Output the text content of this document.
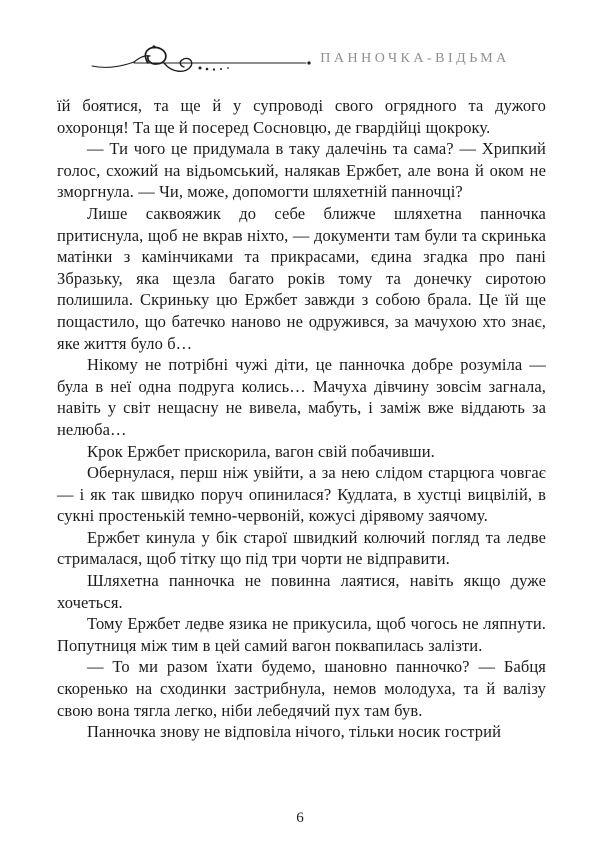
ПАННОЧКА-ВІДЬМА

їй боятися, та ще й у супроводі свого огрядного та дужого охоронця! Та ще й посеред Сосновцю, де гвардійці щокроку.

— Ти чого це придумала в таку далечінь та сама? — Хрипкий голос, схожий на відьомський, налякав Ержбет, але вона й оком не зморгнула. — Чи, може, допомогти шляхетній панночці?

Лише саквояжик до себе ближче шляхетна панночка притиснула, щоб не вкрав ніхто, — документи там були та скринька матінки з камінчиками та прикрасами, єдина згадка про пані Збразьку, яка щезла багато років тому та донечку сиротою полишила. Скриньку цю Ержбет завжди з собою брала. Це їй ще пощастило, що батечко наново не одружився, за мачухою хто знає, яке життя було б…

Нікому не потрібні чужі діти, це панночка добре розуміла — була в неї одна подруга колись… Мачуха дівчину зовсім загнала, навіть у світ нещасну не вивела, мабуть, і заміж вже віддають за нелюба…

Крок Ержбет прискорила, вагон свій побачивши.

Обернулася, перш ніж увійти, а за нею слідом старцюга човгає — і як так швидко поруч опинилася? Кудлата, в хустці вицвілій, в сукні простенькій темно-червоній, кожусі дірявому заячому.

Ержбет кинула у бік старої швидкий колючий погляд та ледве стрималася, щоб тітку що під три чорти не відправити.

Шляхетна панночка не повинна лаятися, навіть якщо дуже хочеться.

Тому Ержбет ледве язика не прикусила, щоб чогось не ляпнути. Попутниця між тим в цей самий вагон поквапилась залізти.

— То ми разом їхати будемо, шановно панночко? — Бабця скоренько на сходинки застрибнула, немов молодуха, та й валізу свою вона тягла легко, ніби лебедячий пух там був.

Панночка знову не відповіла нічого, тільки носик гострий

6
